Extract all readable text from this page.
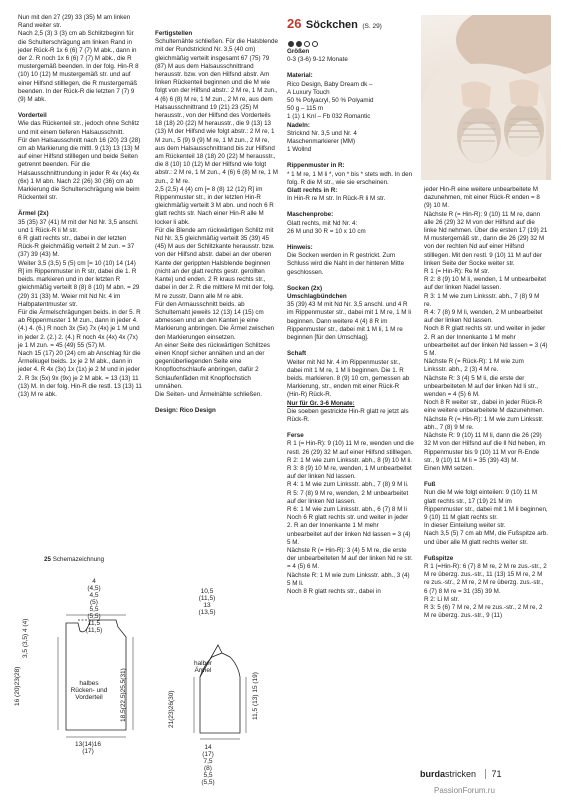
Nun mit den 27 (29) 33 (35) M am linken Rand weiter str.

Nach 2,5 (3) 3 (3) cm ab Schlitzbeginn für die Schulterschrägung am linken Rand in jeder Rück-R 1x 6 (6) 7 (7) M abk., dann in der 2. R noch 1x 6 (6) 7 (7) M abk., die R mustergemäß beenden. In der folg. Hin-R 8 (10) 10 (12) M mustergemäß str. und auf einer Hilfsnd stilllegen, die R mustergemäß beenden. In der Rück-R die letzten 7 (7) 9 (9) M abk.

Vorderteil

Wie das Rückenteil str., jedoch ohne Schlitz und mit einem tieferen Halsausschnitt.

Für den Halsausschnitt nach 16 (20) 23 (28) cm ab Markierung die mittl. 9 (13) 13 (13) M auf einer Hilfsnd stilllegen und beide Seiten getrennt beenden. Für die Halsausschnittrundung in jeder R 4x (4x) 4x (6x) 1 M abn. Nach 22 (26) 30 (36) cm ab Markierung die Schulterschrägung wie beim Rückenteil str.

Ärmel (2x)

35 (35) 37 (41) M mit der Nd Nr. 3,5 anschl. und 1 Rück-R li M str.

6 R glatt rechts str., dabei in der letzten Rück-R gleichmäßig verteilt 2 M zun. = 37 (37) 39 (43) M.

Weiter 3,5 (3,5) 5 (5) cm [= 10 (10) 14 (14) R] im Rippenmuster in R str, dabei die 1. R beids. markieren und in der letzten R gleichmäßig verteilt 8 (8) 8 (10) M abn. = 29 (29) 31 (33) M. Weier mit Nd Nr. 4 im Halbpatentmuster str.

Für die Ärmelschrägungen beids. in der 5. R ab Rippenmuster 1 M zun., dann in jeder 4. (4.) 4. (6.) R noch 3x (5x) 7x (4x) je 1 M und in jeder 2. (2.) 2. (4.) R noch 4x (4x) 4x (7x) je 1 M zun. = 45 (49) 55 (57) M.

Nach 15 (17) 20 (24) cm ab Anschlag für die Ärmelkugel beids. 1x je 2 M abk., dann in jeder 4. R 4x (3x) 1x (1x) je 2 M und in jeder 2. R 3x (5x) 9x (9x) je 2 M abk. = 13 (13) 11 (13) M. In der folg. Hin-R die restl. 13 (13) 11 (13) M re abk.

Fertigstellen

Schulternähte schließen. Für die Halsblende mit der Rundstricknd Nr. 3,5 (40 cm) gleichmäßig verteilt insgesamt 67 (75) 79 (87) M aus dem Halsausschnittrand herausstr. bzw. von den Hilfsnd abstr. Am linken Rückenteil beginnen und die M wie folgt von der Hilfsnd abstr.: 2 M re, 1 M zun., 4 (6) 6 (8) M re, 1 M zun., 2 M re, aus dem Halsausschnittrand 19 (21) 23 (25) M herausstr., von der Hilfsnd des Vorderteils 18 (18) 20 (22) M herausstr., die 9 (13) 13 (13) M der Hilfsnd wie folgt abstr.: 2 M re, 1 M zun., 5 (9) 9 (9) M re, 1 M zun., 2 M re, aus dem Halsausschnittrand bis zur Hilfsnd am Rückenteil 18 (18) 20 (22) M herausstr., die 8 (10) 10 (12) M der Hilfsnd wie folgt abstr.: 2 M re, 1 M zun., 4 (6) 6 (8) M re, 1 M zun., 2 M re.

2,5 (2,5) 4 (4) cm [= 8 (8) 12 (12) R] im Rippenmuster str., in der letzten Hin-R gleichmäßig verteilt 3 M abn. und noch 6 R glatt rechts str. Nach einer Hin-R alle M locker li abk.

Für die Blende am rückwärtigen Schlitz mit Nd Nr. 3,5 gleichmäßig verteilt 35 (39) 45 (45) M aus der Schlitzkante herausstr. bzw. von der Hilfsnd abstr. dabei an der oberen Kante der gerippten Halsblende beginnen (nicht an der glatt rechts gestr. gerollten Kante) und enden. 2 R kraus rechts str., dabei in der 2. R die mittlere M mit der folg. M re zusstr. Dann alle M re abk.

Für den Armausschnitt beids. ab Schulternaht jeweils 12 (13) 14 (15) cm abmessen und an den Kanten je eine Markierung anbringen. Die Ärmel zwischen den Markierungen einsetzen.

An einer Seite des rückwärtigen Schlitzes einen Knopf sicher annähen und an der gegenüberliegenden Seite eine Knopflochschlaufe anbringen, dafür 2 Schlaufenfäden mit Knopflochstich umnähen.

Die Seiten- und Ärmelnähte schließen.

Design: Rico Design

26 Söckchen (S. 29)

Größen

0-3 (3-6) 9-12 Monate

Material:

Rico Design, Baby Dream dk –

A Luxury Touch

50 % Polyacryl, 50 % Polyamid

50 g – 115 m

1 (1) 1 Knl – Fb 032 Romantic

Nadeln:

Stricknd Nr. 3,5 und Nr. 4

Maschenmarkierer (MM)

1 Wollnd

Rippenmuster in R:

* 1 M re, 1 M li *, von * bis * stets wdh. In den folg. R die M str., wie sie erscheinen.

Glatt rechts in R:

In Hin-R re M str. In Rück-R li M str.

Maschenprobe:

Glatt rechts, mit Nd Nr. 4:

26 M und 30 R = 10 x 10 cm

Hinweis:

Die Socken werden in R gestrickt. Zum Schluss wird die Naht in der hinteren Mitte geschlossen.

Socken (2x)

Umschlagbündchen

35 (39) 43 M mit Nd Nr. 3,5 anschl. und 4 R im Rippenmuster str., dabei mit 1 M re, 1 M li beginnen. Dann weitere 4 (4) 8 R im Rippenmuster str., dabei mit 1 M li, 1 M re beginnen [für den Umschlag].

Schaft

Weiter mit Nd Nr. 4 im Rippenmuster str., dabei mit 1 M re, 1 M li beginnen. Die 1. R beids. markieren. 8 (9) 10 cm, gemessen ab Markierung, str., enden mit einer Rück-R (Hin-R) Rück-R.

Nur für Gr. 3-6 Monate:

Die soeben gestrickte Hin-R glatt re jetzt als Rück-R.

Ferse

R 1 (= Hin-R): 9 (10) 11 M re, wenden und die restl. 26 (29) 32 M auf einer Hilfsnd stilllegen.

R 2: 1 M wie zum Linksstr. abh., 8 (9) 10 M li.

R 3: 8 (9) 10 M re, wenden, 1 M unbearbeitet auf der linken Nd lassen.

R 4: 1 M wie zum Linksstr. abh., 7 (8) 9 M li.

R 5: 7 (8) 9 M re, wenden, 2 M unbearbeitet auf der linken Nd lassen.

R 6: 1 M wie zum Linksstr. abh., 6 (7) 8 M li

Noch 6 R glatt rechts str. und weiter in jeder 2. R an der Innenkante 1 M mehr unbearbeitet auf der linken Nd lassen = 3 (4) 5 M.

Nächste R (= Hin-R): 3 (4) 5 M re, die erste der unbearbeiteten M auf der linken Nd re str. = 4 (5) 6 M.

Nächste R: 1 M wie zum Linksstr. abh., 3 (4) 5 M li.

Noch 8 R glatt rechts str., dabei in

jeder Hin-R eine weitere unbearbeitete M dazunehmen, mit einer Rück-R enden = 8 (9) 10 M.

Nächste R (= Hin-R): 9 (10) 11 M re, dann alle 26 (29) 32 M von der Hilfsnd auf die linke Nd nehmen. Über die ersten 17 (19) 21 M mustergemäß str., dann die 26 (29) 32 M von der rechten Nd auf einer Hilfsnd stilllegen. Mit den restl. 9 (10) 11 M auf der linken Seite der Socke weiter str.

R 1 (= Hin-R): Re M str.

R 2: 8 (9) 10 M li, wenden, 1 M unbearbeitet auf der linken Nadel lassen.

R 3: 1 M wie zum Linksstr. abh., 7 (8) 9 M re.

R 4: 7 (8) 9 M li, wenden, 2 M unbearbeitet auf der linken Nd lassen.

Noch 8 R glatt rechts str. und weiter in jeder 2. R an der Innenkante 1 M mehr unbearbeitet auf der linken Nd lassen = 3 (4) 5 M.

Nächste R (= Rück-R): 1 M wie zum Linksstr. abh., 2 (3) 4 M re.

Nächste R: 3 (4) 5 M li, die erste der unbearbeiteten M auf der linken Nd li str., wenden = 4 (5) 6 M.

Noch 8 R weiter str., dabei in jeder Rück-R eine weitere unbearbeitete M dazunehmen.

Nächste R (= Hin-R): 1 M wie zum Linksstr. abh., 7 (8) 9 M re.

Nächste R: 9 (10) 11 M li, dann die 26 (29) 32 M von der Hilfsnd auf die ll Nd heben, im Rippenmuster bis 9 (10) 11 M vor R-Ende str., 9 (10) 11 M li = 35 (39) 43) M.

Einen MM setzen.

Fuß

Nun die M wie folgt einteilen: 9 (10) 11 M glatt rechts str., 17 (19) 21 M im Rippenmuster str., dabei mit 1 M li beginnen, 9 (10) 11 M glatt rechts str.

In dieser Einteilung weiter str.

Nach 3,5 (5) 7 cm ab MM, die Fußspitze arb. und über alle M glatt rechts weiter str.

Fußspitze

R 1 (=Hin-R): 6 (7) 8 M re, 2 M re zus.-str., 2 M re überzg. zus.-str., 11 (13) 15 M re, 2 M re zus.-str., 2 M re, 2 M re überzg. zus.-str., 6 (7) 8 M re = 31 (35) 39 M.

R 2: Li M str.

R 3: 5 (6) 7 M re, 2 M re zus.-str., 2 M re, 2 M re überzg. zus.-str., 9 (11)

25 Schemazeichnung
4
(4,5)
4,5
(5)
5,5
(5,5)
11,5
(11,5)
halbes Rücken- und Vorderteil
13(14)16
(17)
16 (20)23(28)
3,5 (3,5) 4 (4)
18,5(22,5)25,5(31)
10,5
(11,5)
13
(13,5)
halber Ärmel
14
(17)
7,5
(8)
5,5
(5,5)
21(23)26(30)	11,5 (13) 15 (19)
burdastricken 71
PassionForum.ru
